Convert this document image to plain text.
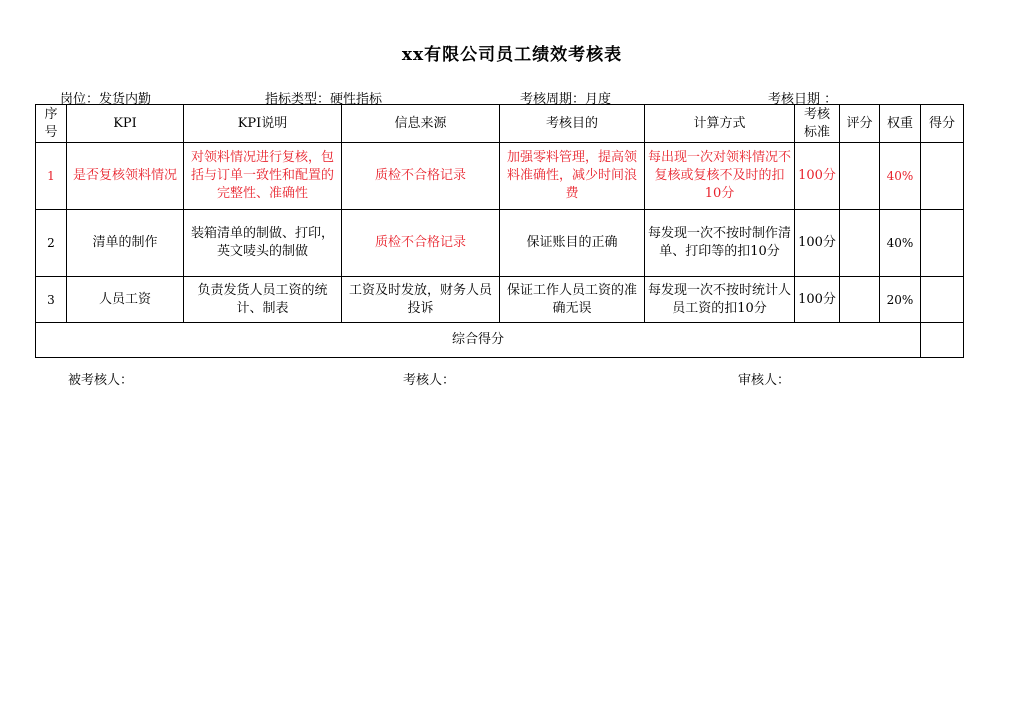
xx有限公司员工绩效考核表
岗位：发货内勤	指标类型：硬性指标	考核周期：月度	考核日期 ：
序号	KPI	KPI说明	信息来源	考核目的	计算方式	考核标准	评分	权重	得分
1	是否复核领料情况	对领料情况进行复核，包括与订单一致性和配置的完整性、准确性	质检不合格记录	加强零料管理，提高领料准确性，减少时间浪费	每出现一次对领料情况不复核或复核不及时的扣10分	100分		40%	
2	清单的制作	装箱清单的制做、打印，英文唛头的制做	质检不合格记录	保证账目的正确	每发现一次不按时制作清单、打印等的扣10分	100分		40%	
3	人员工资	负责发货人员工资的统计、制表	工资及时发放，财务人员投诉	保证工作人员工资的准确无误	每发现一次不按时统计人员工资的扣10分	100分		20%	
综合得分									
被考核人：	考核人：	审核人：
